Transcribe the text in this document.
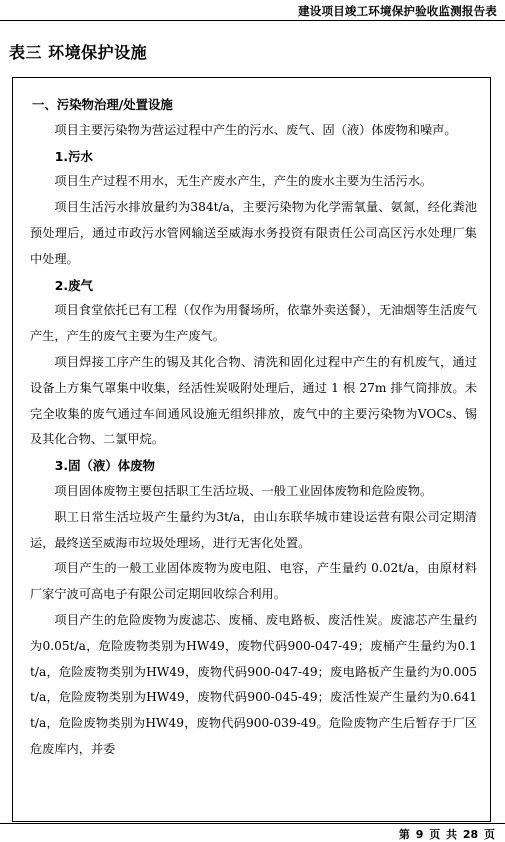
建设项目竣工环境保护验收监测报告表
表三 环境保护设施

一、污染物治理/处置设施

项目主要污染物为营运过程中产生的污水、废气、固（液）体废物和噪声。

1.污水

项目生产过程不用水，无生产废水产生，产生的废水主要为生活污水。

项目生活污水排放量约为384t/a，主要污染物为化学需氧量、氨氮，经化粪池预处理后，通过市政污水管网输送至威海水务投资有限责任公司高区污水处理厂集中处理。

2.废气

项目食堂依托已有工程（仅作为用餐场所，依靠外卖送餐），无油烟等生活废气产生，产生的废气主要为生产废气。

项目焊接工序产生的锡及其化合物、清洗和固化过程中产生的有机废气，通过设备上方集气罩集中收集，经活性炭吸附处理后，通过 1 根 27m 排气筒排放。未完全收集的废气通过车间通风设施无组织排放，废气中的主要污染物为VOCs、锡及其化合物、二氯甲烷。

3.固（液）体废物

项目固体废物主要包括职工生活垃圾、一般工业固体废物和危险废物。

职工日常生活垃圾产生量约为3t/a，由山东联华城市建设运营有限公司定期清运，最终送至威海市垃圾处理场，进行无害化处置。

项目产生的一般工业固体废物为废电阻、电容，产生量约 0.02t/a，由原材料厂家宁波可高电子有限公司定期回收综合利用。

项目产生的危险废物为废滤芯、废桶、废电路板、废活性炭。废滤芯产生量约为0.05t/a，危险废物类别为HW49，废物代码900-047-49；废桶产生量约为0.1t/a，危险废物类别为HW49，废物代码900-047-49；废电路板产生量约为0.005t/a，危险废物类别为HW49，废物代码900-045-49；废活性炭产生量约为0.641t/a，危险废物类别为HW49，废物代码900-039-49。危险废物产生后暂存于厂区危废库内，并委

第 9 页 共 28 页
